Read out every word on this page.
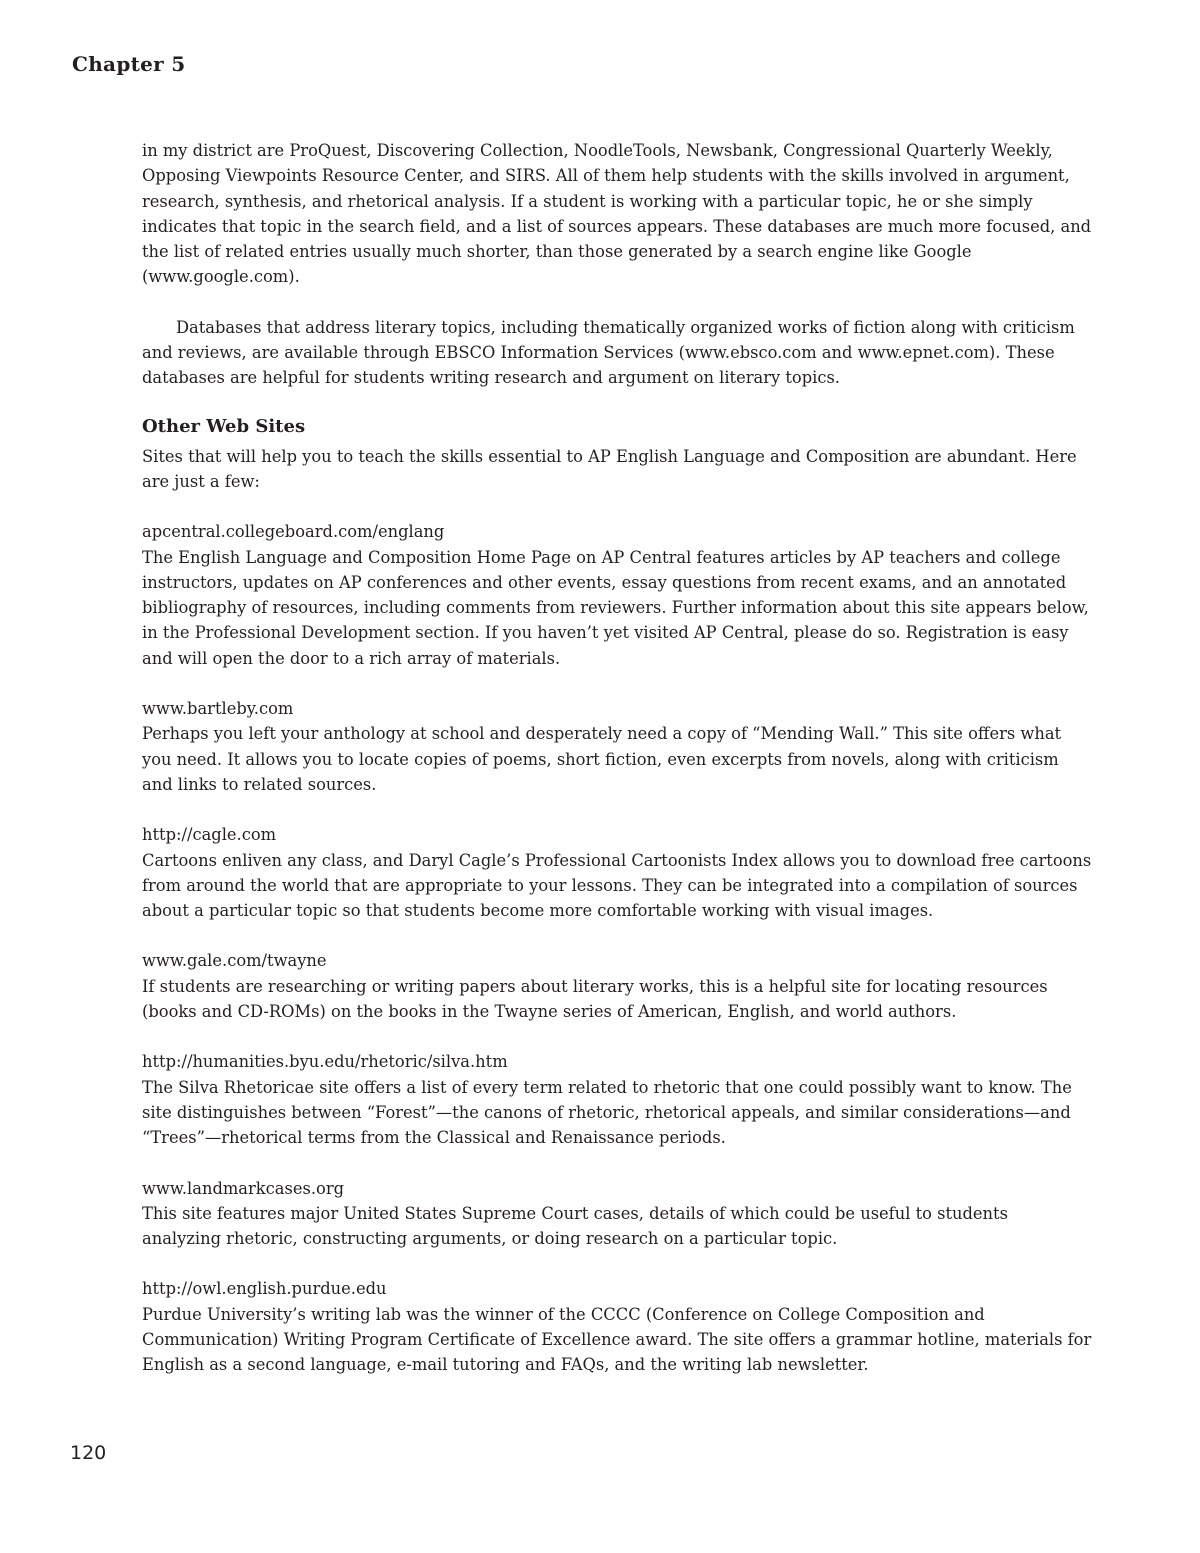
Chapter 5

in my district are ProQuest, Discovering Collection, NoodleTools, Newsbank, Congressional Quarterly Weekly, Opposing Viewpoints Resource Center, and SIRS. All of them help students with the skills involved in argument, research, synthesis, and rhetorical analysis. If a student is working with a particular topic, he or she simply indicates that topic in the search field, and a list of sources appears. These databases are much more focused, and the list of related entries usually much shorter, than those generated by a search engine like Google (www.google.com).

Databases that address literary topics, including thematically organized works of fiction along with criticism and reviews, are available through EBSCO Information Services (www.ebsco.com and www.epnet.com). These databases are helpful for students writing research and argument on literary topics.

Other Web Sites

Sites that will help you to teach the skills essential to AP English Language and Composition are abundant. Here are just a few:

apcentral.collegeboard.com/englang

The English Language and Composition Home Page on AP Central features articles by AP teachers and college instructors, updates on AP conferences and other events, essay questions from recent exams, and an annotated bibliography of resources, including comments from reviewers. Further information about this site appears below, in the Professional Development section. If you haven’t yet visited AP Central, please do so. Registration is easy and will open the door to a rich array of materials.

www.bartleby.com

Perhaps you left your anthology at school and desperately need a copy of “Mending Wall.” This site offers what you need. It allows you to locate copies of poems, short fiction, even excerpts from novels, along with criticism and links to related sources.

http://cagle.com

Cartoons enliven any class, and Daryl Cagle’s Professional Cartoonists Index allows you to download free cartoons from around the world that are appropriate to your lessons. They can be integrated into a compilation of sources about a particular topic so that students become more comfortable working with visual images.

www.gale.com/twayne

If students are researching or writing papers about literary works, this is a helpful site for locating resources (books and CD-ROMs) on the books in the Twayne series of American, English, and world authors.

http://humanities.byu.edu/rhetoric/silva.htm

The Silva Rhetoricae site offers a list of every term related to rhetoric that one could possibly want to know. The site distinguishes between “Forest”—the canons of rhetoric, rhetorical appeals, and similar considerations—and “Trees”—rhetorical terms from the Classical and Renaissance periods.

www.landmarkcases.org

This site features major United States Supreme Court cases, details of which could be useful to students analyzing rhetoric, constructing arguments, or doing research on a particular topic.

http://owl.english.purdue.edu

Purdue University’s writing lab was the winner of the CCCC (Conference on College Composition and Communication) Writing Program Certificate of Excellence award. The site offers a grammar hotline, materials for English as a second language, e-mail tutoring and FAQs, and the writing lab newsletter.

120
